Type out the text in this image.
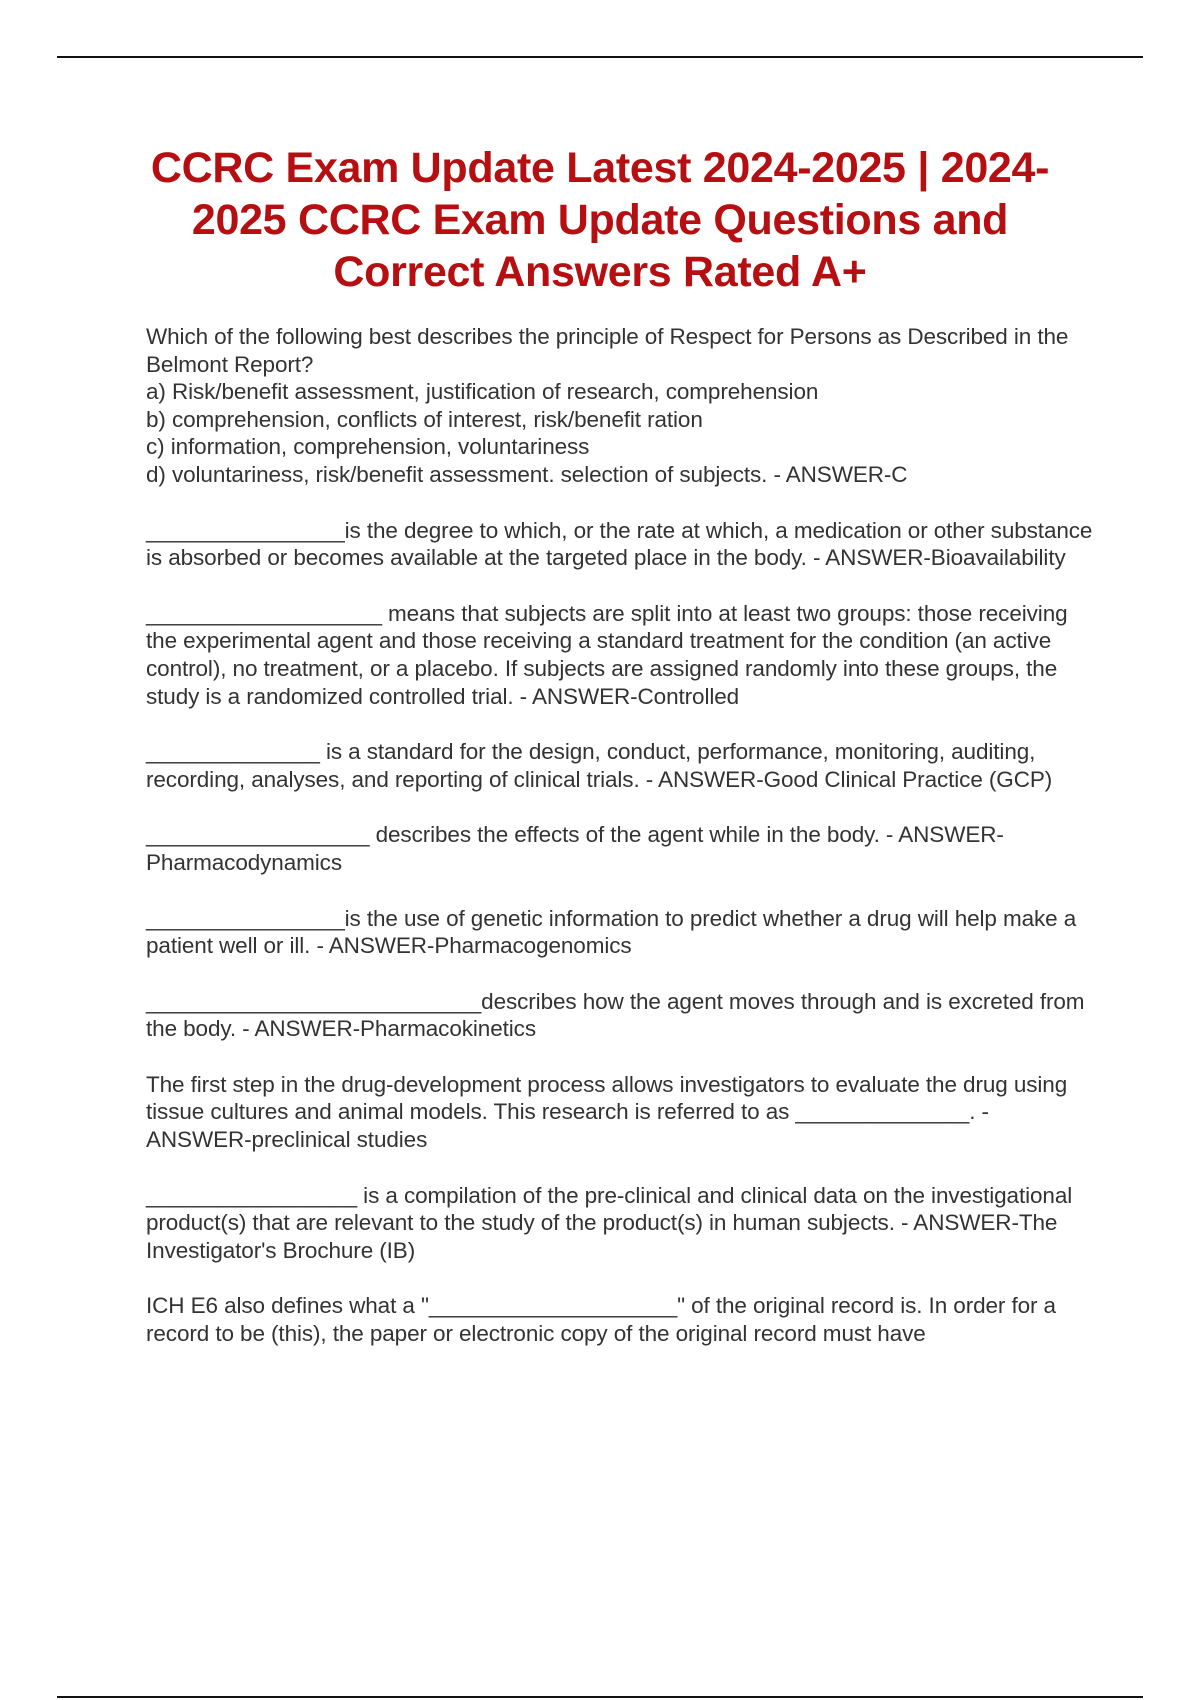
CCRC Exam Update Latest 2024-2025 | 2024-2025 CCRC Exam Update Questions and Correct Answers Rated A+

Which of the following best describes the principle of Respect for Persons as Described in the Belmont Report?

a) Risk/benefit assessment, justification of research, comprehension

b) comprehension, conflicts of interest, risk/benefit ration

c) information, comprehension, voluntariness

d) voluntariness, risk/benefit assessment. selection of subjects. - ANSWER-C

________________is the degree to which, or the rate at which, a medication or other substance is absorbed or becomes available at the targeted place in the body. - ANSWER-Bioavailability

___________________ means that subjects are split into at least two groups: those receiving the experimental agent and those receiving a standard treatment for the condition (an active control), no treatment, or a placebo. If subjects are assigned randomly into these groups, the study is a randomized controlled trial. - ANSWER-Controlled

______________ is a standard for the design, conduct, performance, monitoring, auditing, recording, analyses, and reporting of clinical trials. - ANSWER-Good Clinical Practice (GCP)

__________________ describes the effects of the agent while in the body. - ANSWER-Pharmacodynamics

________________is the use of genetic information to predict whether a drug will help make a patient well or ill. - ANSWER-Pharmacogenomics

___________________________describes how the agent moves through and is excreted from the body. - ANSWER-Pharmacokinetics

The first step in the drug-development process allows investigators to evaluate the drug using tissue cultures and animal models. This research is referred to as ______________. - ANSWER-preclinical studies

_________________ is a compilation of the pre-clinical and clinical data on the investigational product(s) that are relevant to the study of the product(s) in human subjects. - ANSWER-The Investigator's Brochure (IB)

ICH E6 also defines what a "____________________" of the original record is. In order for a record to be (this), the paper or electronic copy of the original record must have
